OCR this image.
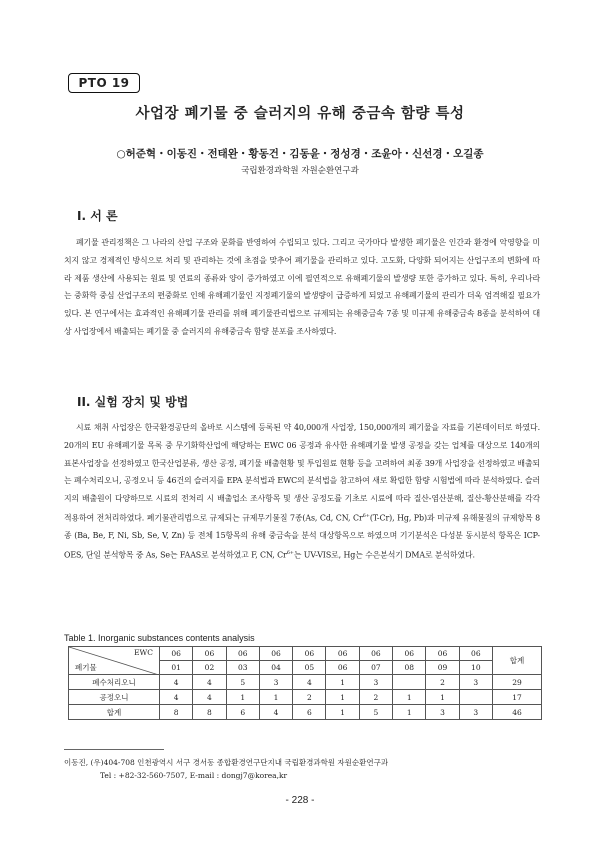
PTO 19
사업장 폐기물 중 슬러지의 유해 중금속 함량 특성
○허준혁・이동진・전태완・황동건・김동윤・정성경・조윤아・신선경・오길종
국립환경과학원 자원순환연구과
I. 서 론

폐기물 관리정책은 그 나라의 산업 구조와 문화를 반영하여 수립되고 있다. 그리고 국가마다 발생한 폐기물은 인간과 환경에 악영향을 미치지 않고 경제적인 방식으로 처리 및 관리하는 것에 초점을 맞추어 폐기물을 관리하고 있다. 고도화, 다양화 되어지는 산업구조의 변화에 따라 제품 생산에 사용되는 원료 및 연료의 종류와 양이 증가하였고 이에 필연적으로 유해폐기물의 발생량 또한 증가하고 있다. 특히, 우리나라는 중화학 중심 산업구조의 편중화로 인해 유해폐기물인 지정폐기물의 발생량이 급증하게 되었고 유해폐기물의 관리가 더욱 엄격해질 필요가 있다. 본 연구에서는 효과적인 유해폐기물 관리를 위해 폐기물관리법으로 규제되는 유해중금속 7종 및 미규제 유해중금속 8종을 분석하여 대상 사업장에서 배출되는 폐기물 중 슬러지의 유해중금속 함량 분포를 조사하였다.

II. 실험 장치 및 방법

시료 채취 사업장은 한국환경공단의 올바로 시스템에 등록된 약 40,000개 사업장, 150,000개의 폐기물을 자료를 기본데이터로 하였다. 20개의 EU 유해폐기물 목록 중 무기화학산업에 해당하는 EWC 06 공정과 유사한 유해폐기물 발생 공정을 갖는 업체를 대상으로 140개의 표본사업장을 선정하였고 한국산업분류, 생산 공정, 폐기물 배출현황 및 투입원료 현황 등을 고려하여 최종 39개 사업장을 선정하였고 배출되는 폐수처리오니, 공정오니 등 46건의 슬러지를 EPA 분석법과 EWC의 분석법을 참고하여 새로 확립한 함량 시험법에 따라 분석하였다. 슬러지의 배출원이 다양하므로 시료의 전처리 시 배출업소 조사항목 및 생산 공정도를 기초로 시료에 따라 질산-염산분해, 질산-황산분해를 각각 적용하여 전처리하였다. 폐기물관리법으로 규제되는 규제무기물질 7종(As, Cd, CN, $Cr^{6+}(T-Cr)$, Hg, Pb)과 미규제 유해물질의 규제항목 8종 (Ba, Be, F, Ni, Sb, Se, V, Zn) 등 전체 15항목의 유해 중금속을 분석 대상항목으로 하였으며 기기분석은 다성분 동시분석 항목은 ICP-OES, 단일 분석항목 중 As, Se는 FAAS로 분석하였고 F, CN, $Cr^{6+}$는 UV-VIS로, Hg는 수은분석기 DMA로 분석하였다.

Table 1. Inorganic substances contents analysis
EWC
폐기물	06	06	06	06	06	06	06	06	06	06	합계
	01	02	03	04	05	06	07	08	09	10	
폐수처리오니	4	4	5	3	4	1	3		2	3	29
공정오니	4	4	1	1	2	1	2	1	1		17
합계	8	8	6	4	6	1	5	1	3	3	46
이동진, (우)404-708 인천광역시 서구 경서동 종합환경연구단지내 국립환경과학원 자원순환연구과
Tel : +82-32-560-7507, E-mail : dongj7@korea,kr
- 228 -
